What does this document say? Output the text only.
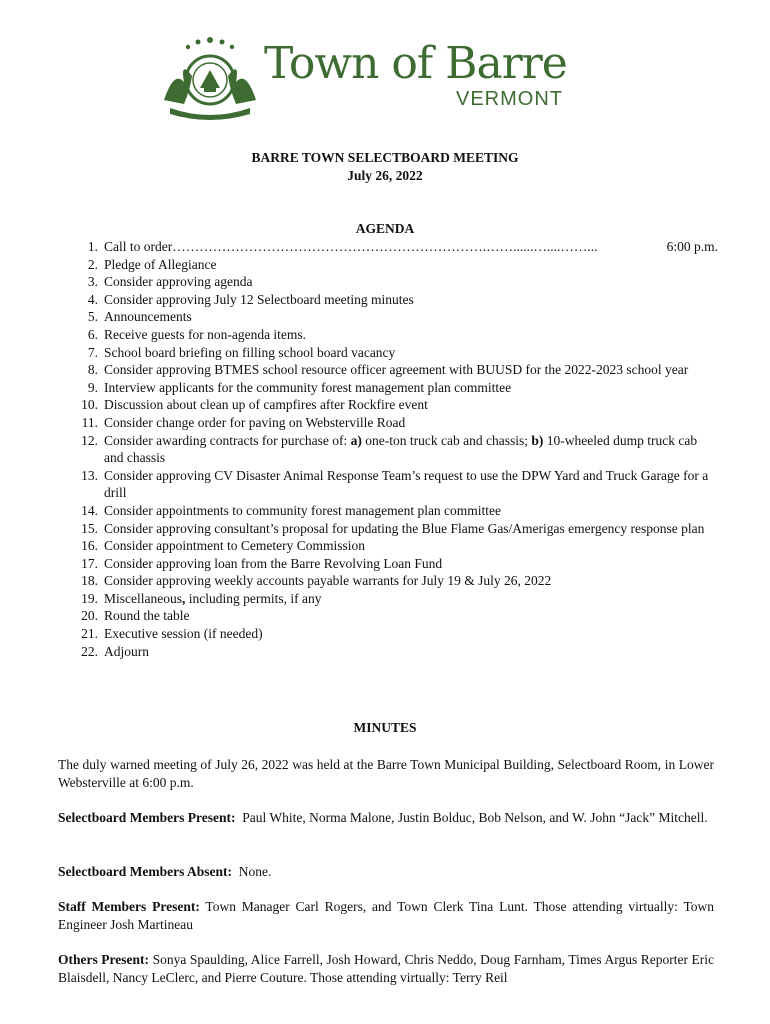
Town of Barre
VERMONT
BARRE TOWN SELECTBOARD MEETING
July 26, 2022
AGENDA
1. Call to order…………………………………………………………….……......…....……...	6:00 p.m.
2. Pledge of Allegiance
3. Consider approving agenda
4. Consider approving July 12 Selectboard meeting minutes
5. Announcements
6. Receive guests for non-agenda items.
7. School board briefing on filling school board vacancy
8. Consider approving BTMES school resource officer agreement with BUUSD for the 2022-2023 school year
9. Interview applicants for the community forest management plan committee
10. Discussion about clean up of campfires after Rockfire event
11. Consider change order for paving on Websterville Road
12. Consider awarding contracts for purchase of: a) one-ton truck cab and chassis; b) 10-wheeled dump truck cab and chassis
13. Consider approving CV Disaster Animal Response Team’s request to use the DPW Yard and Truck Garage for a drill
14. Consider appointments to community forest management plan committee
15. Consider approving consultant’s proposal for updating the Blue Flame Gas/Amerigas emergency response plan
16. Consider appointment to Cemetery Commission
17. Consider approving loan from the Barre Revolving Loan Fund
18. Consider approving weekly accounts payable warrants for July 19 & July 26, 2022
19. Miscellaneous, including permits, if any
20. Round the table
21. Executive session (if needed)
22. Adjourn
MINUTES

The duly warned meeting of July 26, 2022 was held at the Barre Town Municipal Building, Selectboard Room, in Lower Websterville at 6:00 p.m.

Selectboard Members Present: Paul White, Norma Malone, Justin Bolduc, Bob Nelson, and W. John “Jack” Mitchell.

Selectboard Members Absent: None.

Staff Members Present: Town Manager Carl Rogers, and Town Clerk Tina Lunt. Those attending virtually: Town Engineer Josh Martineau

Others Present: Sonya Spaulding, Alice Farrell, Josh Howard, Chris Neddo, Doug Farnham, Times Argus Reporter Eric Blaisdell, Nancy LeClerc, and Pierre Couture. Those attending virtually: Terry Reil
